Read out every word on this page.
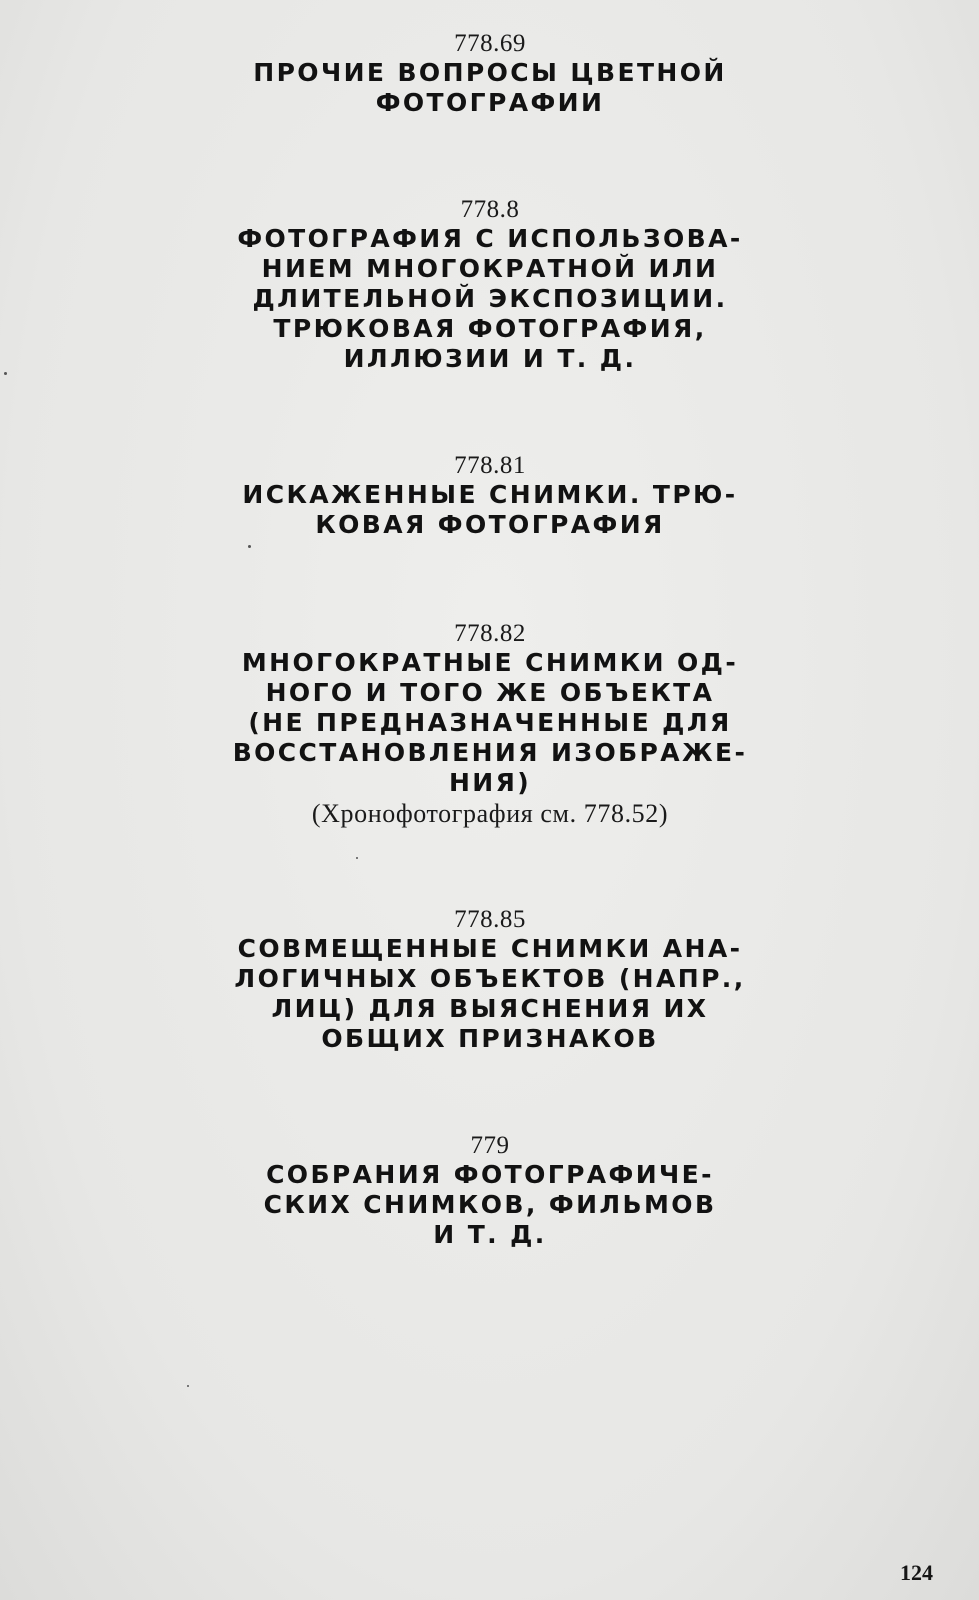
778.69
ПРОЧИЕ ВОПРОСЫ ЦВЕТНОЙ
ФОТОГРАФИИ
778.8
ФОТОГРАФИЯ С ИСПОЛЬЗОВА-
НИЕМ МНОГОКРАТНОЙ ИЛИ
ДЛИТЕЛЬНОЙ ЭКСПОЗИЦИИ.
ТРЮКОВАЯ ФОТОГРАФИЯ,
ИЛЛЮЗИИ И Т. Д.
778.81
ИСКАЖЕННЫЕ СНИМКИ. ТРЮ-
КОВАЯ ФОТОГРАФИЯ
778.82
МНОГОКРАТНЫЕ СНИМКИ ОД-
НОГО И ТОГО ЖЕ ОБЪЕКТА
(НЕ ПРЕДНАЗНАЧЕННЫЕ ДЛЯ
ВОССТАНОВЛЕНИЯ ИЗОБРАЖЕ-
НИЯ)
(Хронофотография см. 778.52)
778.85
СОВМЕЩЕННЫЕ СНИМКИ АНА-
ЛОГИЧНЫХ ОБЪЕКТОВ (НАПР.,
ЛИЦ) ДЛЯ ВЫЯСНЕНИЯ ИХ
ОБЩИХ ПРИЗНАКОВ
779
СОБРАНИЯ ФОТОГРАФИЧЕ-
СКИХ СНИМКОВ, ФИЛЬМОВ
И Т. Д.
124
